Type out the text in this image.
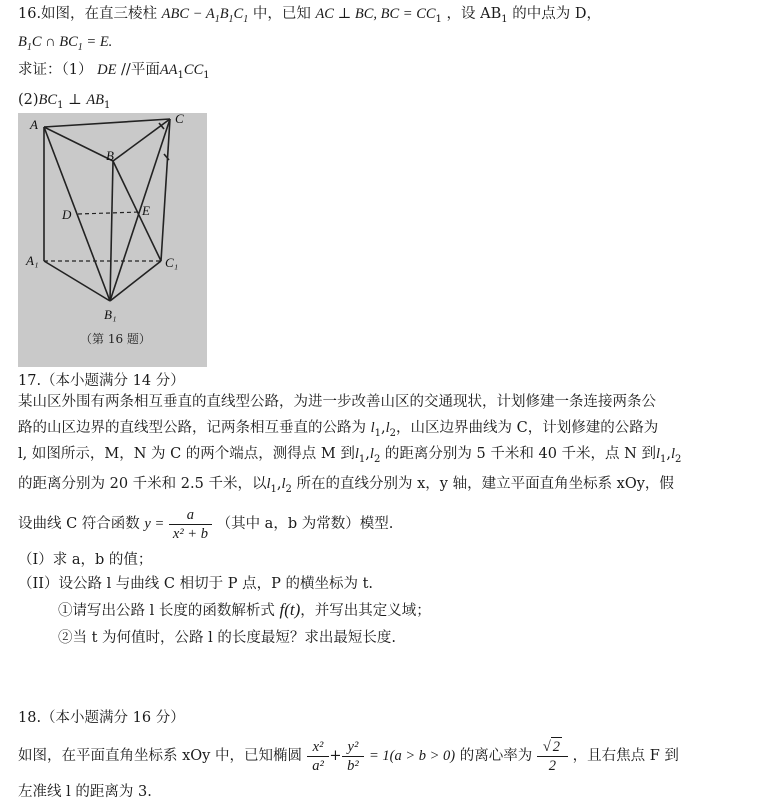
16.如图，在直三棱柱 ABC − $A_1B_1C_1$ 中，已知 AC ⊥ BC, BC = $CC_1$ ，设 $AB_1$ 的中点为 D，
$B_1C$ ∩ $BC_1 = E$.
求证：（1） DE //平面$AA_1CC_1$
$(2)BC_1$ ⊥ $AB_1$
A	C
B
D	E
A₁	C₁
B₁
（第 16 题）
17.（本小题满分 14 分）
某山区外围有两条相互垂直的直线型公路，为进一步改善山区的交通现状，计划修建一条连接两条公
路的山区边界的直线型公路，记两条相互垂直的公路为 $l_1,l_2$，山区边界曲线为 C，计划修建的公路为
l, 如图所示，M，N 为 C 的两个端点，测得点 M 到$l_1,l_2$ 的距离分别为 5 千米和 40 千米，点 N 到$l_1,l_2$
的距离分别为 20 千米和 2.5 千米，以$l_1,l_2$ 所在的直线分别为 x，y 轴，建立平面直角坐标系 xOy，假
设曲线 C 符合函数 $y = \frac{a}{\text{x² + b}}$ （其中 a，b 为常数）模型.
（I）求 a，b 的值；
（II）设公路 l 与曲线 C 相切于 P 点，P 的横坐标为 t.
①请写出公路 l 长度的函数解析式 f(t)，并写出其定义域；
②当 t 为何值时，公路 l 的长度最短？求出最短长度.
18.（本小题满分 16 分）
如图，在平面直角坐标系 xOy 中，已知椭圆 $\frac{\text{x²}}{\text{a²}} + \frac{\text{y²}}{\text{b²}} = 1(a > b > 0)$ 的离心率为 $\frac{√ 2}{2}$ ，且右焦点 F 到
左准线 l 的距离为 3.
